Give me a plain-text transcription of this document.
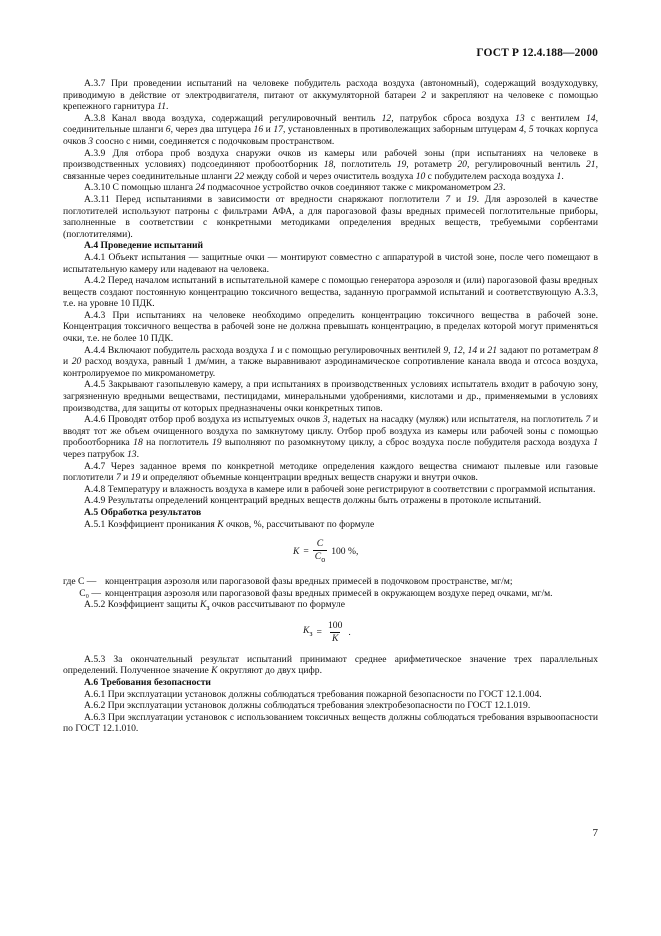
ГОСТ Р 12.4.188—2000

А.3.7 При проведении испытаний на человеке побудитель расхода воздуха (автономный), содержащий воздуходувку, приводимую в действие от электродвигателя, питают от аккумуляторной батареи 2 и закрепляют на человеке с помощью крепежного гарнитура 11.

А.3.8 Канал ввода воздуха, содержащий регулировочный вентиль 12, патрубок сброса воздуха 13 с вентилем 14, соединительные шланги 6, через два штуцера 16 и 17, установленных в противолежащих заборным штуцерам 4, 5 точках корпуса очков 3 соосно с ними, соединяется с подочковым пространством.

А.3.9 Для отбора проб воздуха снаружи очков из камеры или рабочей зоны (при испытаниях на человеке в производственных условиях) подсоединяют пробоотборник 18, поглотитель 19, ротаметр 20, регулировочный вентиль 21, связанные через соединительные шланги 22 между собой и через очиститель воздуха 10 с побудителем расхода воздуха 1.

А.3.10 С помощью шланга 24 подмасочное устройство очков соединяют также с микроманометром 23.

А.3.11 Перед испытаниями в зависимости от вредности снаряжают поглотители 7 и 19. Для аэрозолей в качестве поглотителей используют патроны с фильтрами АФА, а для парогазовой фазы вредных примесей поглотительные приборы, заполненные в соответствии с конкретными методиками определения вредных веществ, требуемыми сорбентами (поглотителями).

А.4 Проведение испытаний

А.4.1 Объект испытания — защитные очки — монтируют совместно с аппаратурой в чистой зоне, после чего помещают в испытательную камеру или надевают на человека.

А.4.2 Перед началом испытаний в испытательной камере с помощью генератора аэрозоля и (или) парогазовой фазы вредных веществ создают постоянную концентрацию токсичного вещества, заданную программой испытаний и соответствующую А.3.3, т.е. на уровне 10 ПДК.

А.4.3 При испытаниях на человеке необходимо определить концентрацию токсичного вещества в рабочей зоне. Концентрация токсичного вещества в рабочей зоне не должна превышать концентрацию, в пределах которой могут применяться очки, т.е. не более 10 ПДК.

А.4.4 Включают побудитель расхода воздуха 1 и с помощью регулировочных вентилей 9, 12, 14 и 21 задают по ротаметрам 8 и 20 расход воздуха, равный 1 дм/мин, а также выравнивают аэродинамическое сопротивление канала ввода и отсоса воздуха, контролируемое по микроманометру.

А.4.5 Закрывают газопылевую камеру, а при испытаниях в производственных условиях испытатель входит в рабочую зону, загрязненную вредными веществами, пестицидами, минеральными удобрениями, кислотами и др., применяемыми в условиях производства, для защиты от которых предназначены очки конкретных типов.

А.4.6 Проводят отбор проб воздуха из испытуемых очков 3, надетых на насадку (муляж) или испытателя, на поглотитель 7 и вводят тот же объем очищенного воздуха по замкнутому циклу. Отбор проб воздуха из камеры или рабочей зоны с помощью пробоотборника 18 на поглотитель 19 выполняют по разомкнутому циклу, а сброс воздуха после побудителя расхода воздуха 1 через патрубок 13.

А.4.7 Через заданное время по конкретной методике определения каждого вещества снимают пылевые или газовые поглотители 7 и 19 и определяют объемные концентрации вредных веществ снаружи и внутри очков.

А.4.8 Температуру и влажность воздуха в камере или в рабочей зоне регистрируют в соответствии с программой испытания.

А.4.9 Результаты определений концентраций вредных веществ должны быть отражены в протоколе испытаний.

А.5 Обработка результатов

А.5.1 Коэффициент проникания К очков, %, рассчитывают по формуле

$К = \frac{С}{С_о} 100$ %,
где С — концентрация аэрозоля или парогазовой фазы вредных примесей в подочковом пространстве, мг/м;
С₀ — концентрация аэрозоля или парогазовой фазы вредных примесей в окружающем воздухе перед очками, мг/м.

А.5.2 Коэффициент защиты $К_з$ очков рассчитывают по формуле

$К_з = \frac{100}{К}$ .

А.5.3 За окончательный результат испытаний принимают среднее арифметическое значение трех параллельных определений. Полученное значение К округляют до двух цифр.

А.6 Требования безопасности

А.6.1 При эксплуатации установок должны соблюдаться требования пожарной безопасности по ГОСТ 12.1.004.

А.6.2 При эксплуатации установок должны соблюдаться требования электробезопасности по ГОСТ 12.1.019.

А.6.3 При эксплуатации установок с использованием токсичных веществ должны соблюдаться требования взрывоопасности по ГОСТ 12.1.010.

7
